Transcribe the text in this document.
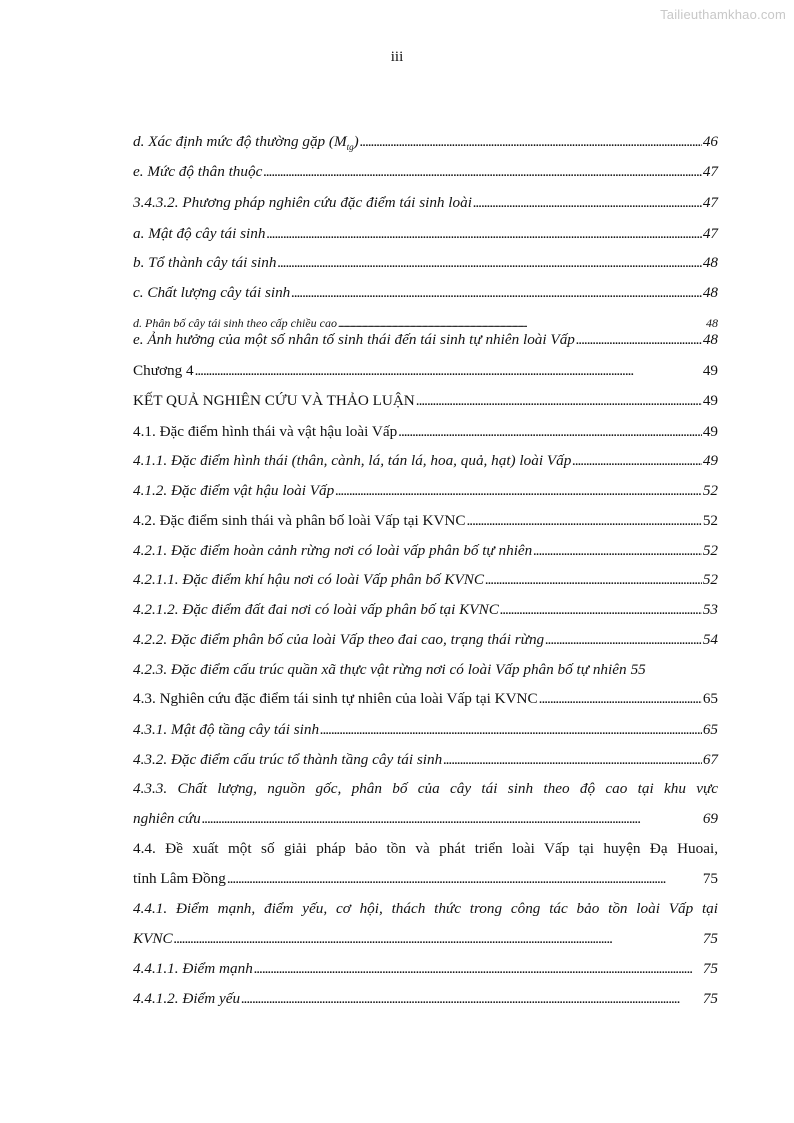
Tailieuthamkhao.com
iii
d. Xác định mức độ thường gặp $(M_{tg})$ . . .	46
e. Mức độ thân thuộc . . .	47
3.4.3.2. Phương pháp nghiên cứu đặc điểm tái sinh loài . . .	47
a. Mật độ cây tái sinh . . .	47
b. Tổ thành cây tái sinh . . .	48
c. Chất lượng cây tái sinh . . .	48
d. Phân bố cây tái sinh theo cấp chiều cao . . .	48
e. Ảnh hưởng của một số nhân tố sinh thái đến tái sinh tự nhiên loài Vấp . . .	48
Chương 4 . . .	49
KẾT QUẢ NGHIÊN CỨU VÀ THẢO LUẬN . . .	49
4.1. Đặc điểm hình thái và vật hậu loài Vấp . . .	49
4.1.1. Đặc điểm hình thái (thân, cành, lá, tán lá, hoa, quả, hạt) loài Vấp . . .	49
4.1.2. Đặc điểm vật hậu loài Vấp . . .	52
4.2. Đặc điểm sinh thái và phân bố loài Vấp tại KVNC . . .	52
4.2.1. Đặc điểm hoàn cảnh rừng nơi có loài vấp phân bố tự nhiên . . .	52
4.2.1.1. Đặc điểm khí hậu nơi có loài Vấp phân bố KVNC . . .	52
4.2.1.2. Đặc điểm đất đai nơi có loài vấp phân bố tại KVNC . . .	53
4.2.2. Đặc điểm phân bố của loài Vấp theo đai cao, trạng thái rừng . . .	54
4.2.3. Đặc điểm cấu trúc quần xã thực vật rừng nơi có loài Vấp phân bố tự nhiên 55
4.3. Nghiên cứu đặc điểm tái sinh tự nhiên của loài Vấp tại KVNC . . .	65
4.3.1. Mật độ tầng cây tái sinh . . .	65
4.3.2. Đặc điểm cấu trúc tổ thành tầng cây tái sinh . . .	67
4.3.3. Chất lượng, nguồn gốc, phân bố của cây tái sinh theo độ cao tại khu vực
nghiên cứu . . .	69
4.4. Đề xuất một số giải pháp bảo tồn và phát triển loài Vấp tại huyện Đạ Huoai,
tỉnh Lâm Đồng . . .	75
4.4.1. Điểm mạnh, điểm yếu, cơ hội, thách thức trong công tác bảo tồn loài Vấp tại
KVNC . . .	75
4.4.1.1. Điểm mạnh . . .	75
4.4.1.2. Điểm yếu . . .	75
